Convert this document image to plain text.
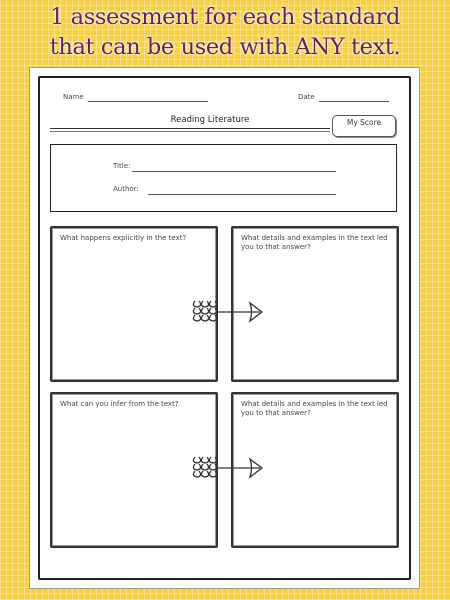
1 assessment for each standard
that can be used with ANY text.
Name	Date
Reading Literature	My Score
Title:
Author:
What happens explicitly in the text?	What details and examples in the text led you to that answer?
What can you infer from the text?	What details and examples in the text led you to that answer?
